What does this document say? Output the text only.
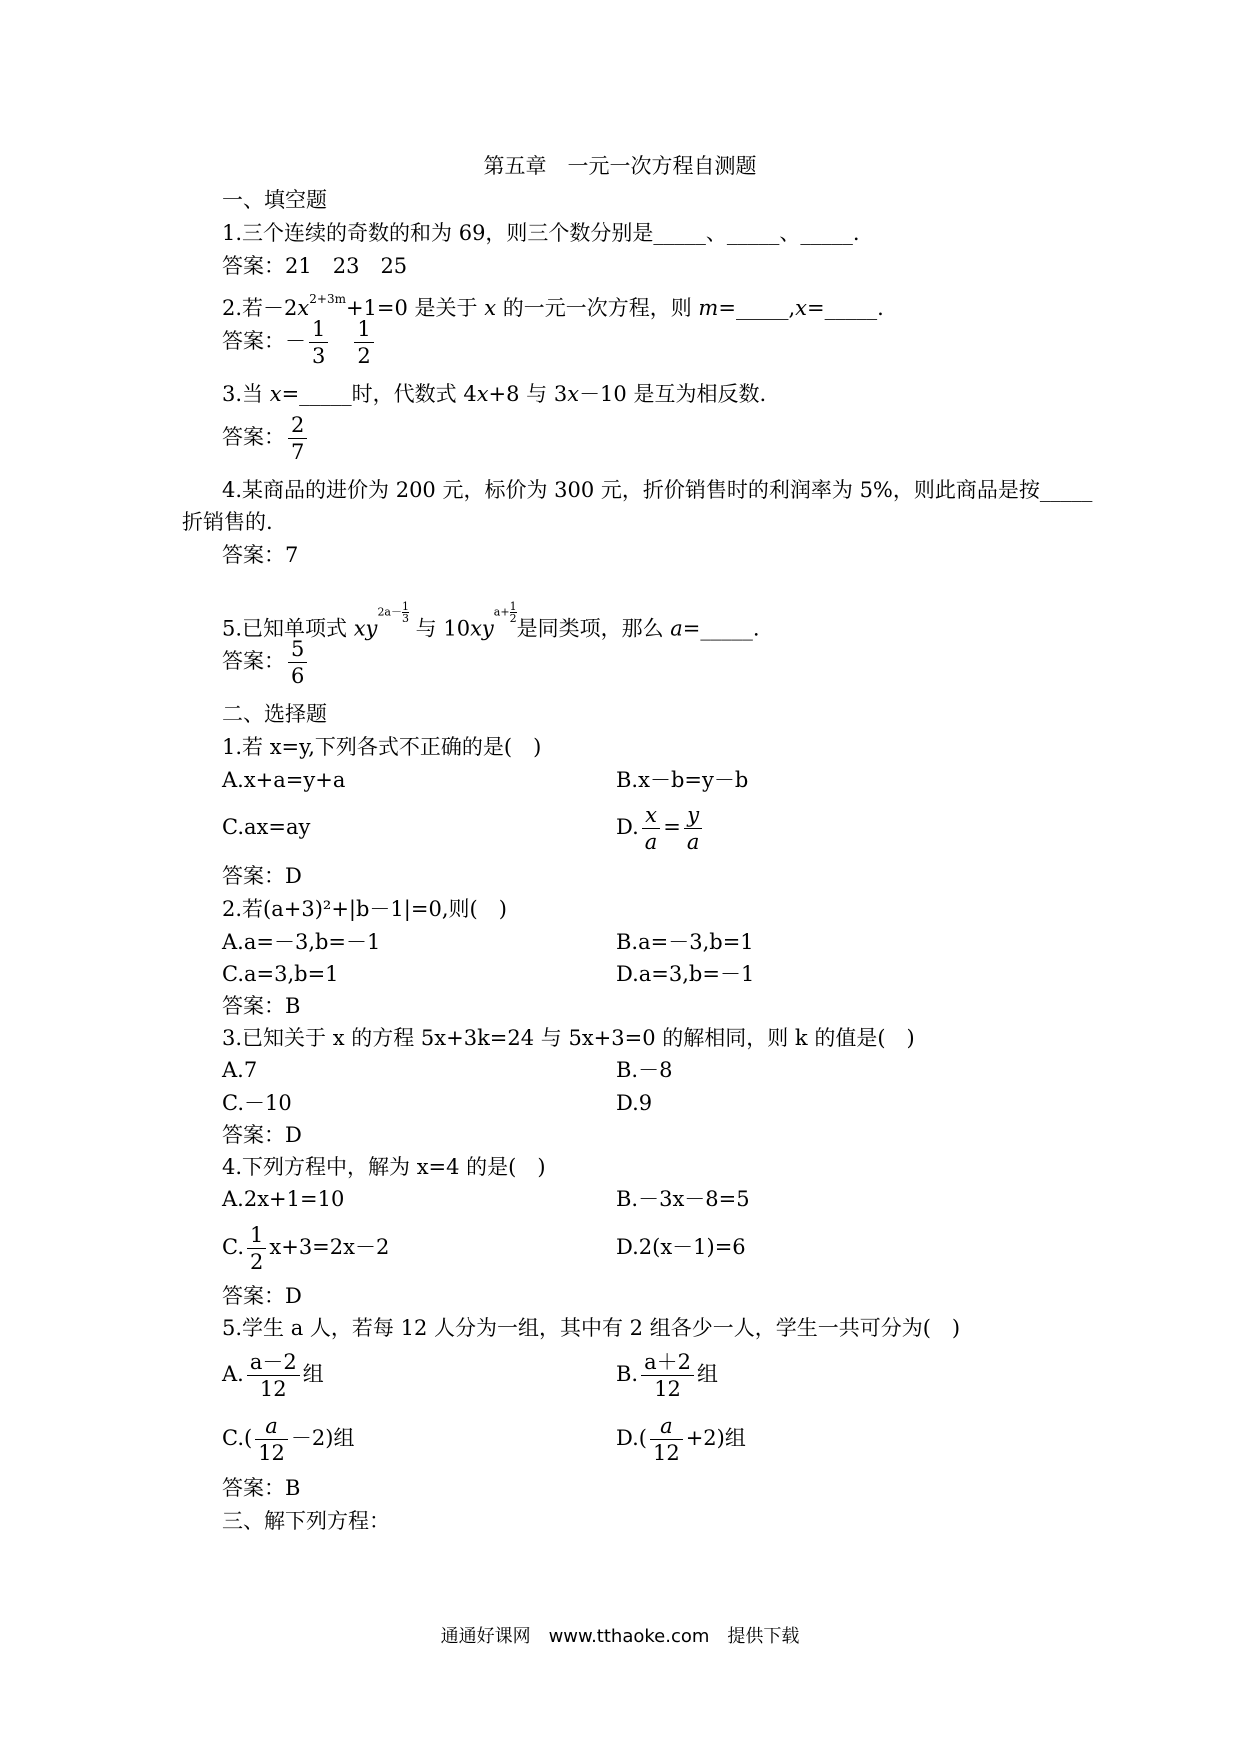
第五章　一元一次方程自测题
一、填空题
1.三个连续的奇数的和为 69，则三个数分别是_____、_____、_____.
答案：21　23　25
2.若$-2x^{2+3m}+1=0$ 是关于 x 的一元一次方程，则 m=_____,x=_____.
答案：－ $\frac{1}{3}$
$\frac{1}{2}$
3.当 x=_____时，代数式 4x+8 与 3x－10 是互为相反数.
答案： $\frac{2}{7}$
4.某商品的进价为 200 元，标价为 300 元，折价销售时的利润率为 5%，则此商品是按_____
折销售的.
答案：7
5.已知单项式 $xy2a- \frac{1}{3}$
与 $10xya+ \frac{1}{2}$
是同类项，那么 a=_____.
答案： $\frac{5}{6}$
二、选择题
1.若 x=y,下列各式不正确的是(　)
A.x+a=y+a	B.x－b=y－b
C.ax=ay	D. $\frac{x}{a} = \frac{y}{a}$
答案：D
2.若(a+3)²+|b－1|=0,则(　)
A.a=－3,b=－1	B.a=－3,b=1
C.a=3,b=1	D.a=3,b=－1
答案：B
3.已知关于 x 的方程 5x+3k=24 与 5x+3=0 的解相同，则 k 的值是(　)
A.7	B.－8
C.－10	D.9
答案：D
4.下列方程中，解为 x=4 的是(　)
A.2x+1=10	B.－3x－8=5
C. $\frac{1}{2} x+3=2x-2$	D.2(x－1)=6
答案：D
5.学生 a 人，若每 12 人分为一组，其中有 2 组各少一人，学生一共可分为(　)
A. $\frac{a-2}{12}$ 组	B. $\frac{a+2}{12}$ 组
$C.( \frac{a}{12} -2)$组	$D.( \frac{a}{12} +2)$组
答案：B
三、解下列方程：
通通好课网　www.tthaoke.com　提供下载
